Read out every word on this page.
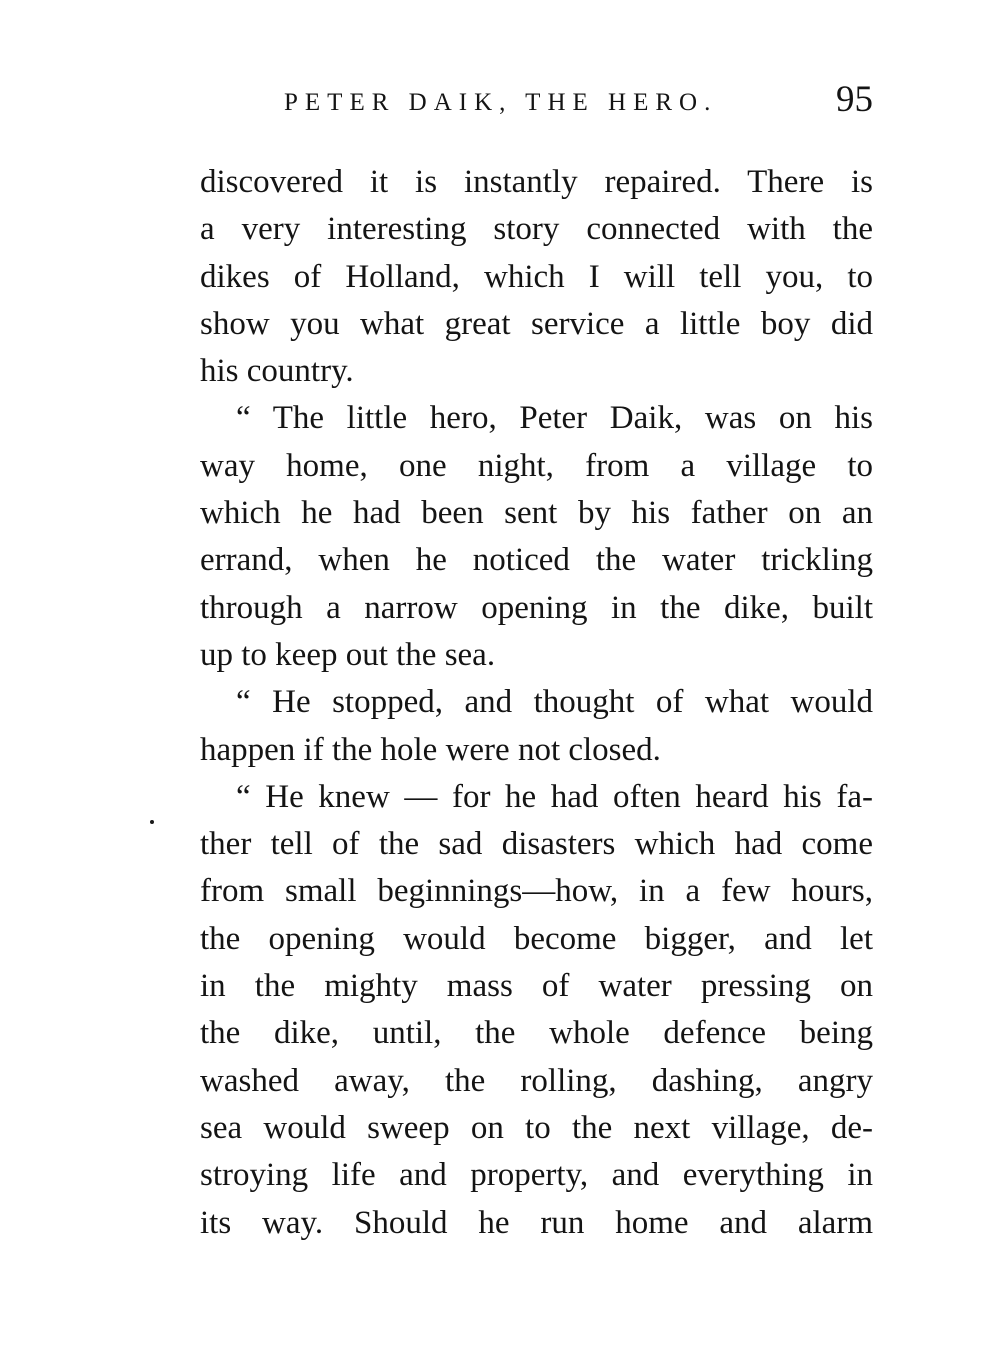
PETER DAIK, THE HERO.	95
discovered it is instantly repaired. There is
a very interesting story connected with the
dikes of Holland, which I will tell you, to
show you what great service a little boy did
his country.
“ The little hero, Peter Daik, was on his
way home, one night, from a village to
which he had been sent by his father on an
errand, when he noticed the water trickling
through a narrow opening in the dike, built
up to keep out the sea.
“ He stopped, and thought of what would
happen if the hole were not closed.
“ He knew — for he had often heard his fa-
ther tell of the sad disasters which had come
from small beginnings—how, in a few hours,
the opening would become bigger, and let
in the mighty mass of water pressing on
the dike, until, the whole defence being
washed away, the rolling, dashing, angry
sea would sweep on to the next village, de-
stroying life and property, and everything in
its way. Should he run home and alarm
